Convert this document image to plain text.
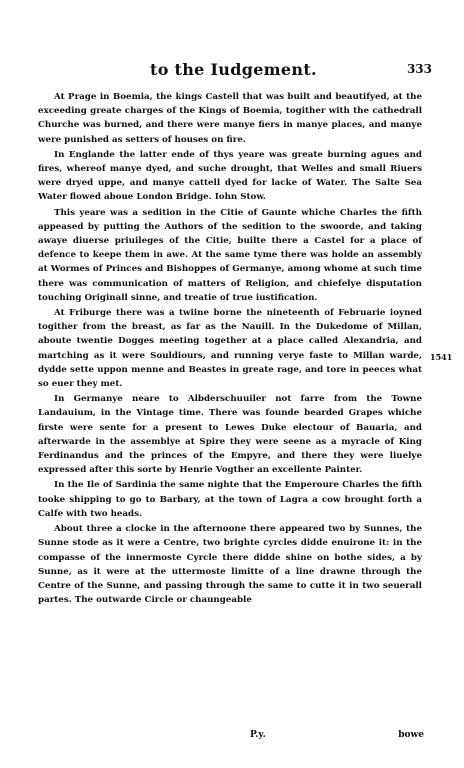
to the Iudgement.	333
1541

At Prage in Boemia, the kings Castell that was built and beautifyed, at the exceeding greate charges of the Kings of Boemia, togither with the cathedrall Churche was burned, and there were manye fiers in manye places, and manye were punished as setters of houses on fire.

In Englande the latter ende of thys yeare was greate burning agues and fires, whereof manye dyed, and suche drought, that Welles and small Riuers were dryed uppe, and manye cattell dyed for lacke of Water. The Salte Sea Water flowed aboue London Bridge. Iohn Stow.

This yeare was a sedition in the Citie of Gaunte whiche Charles the fifth appeased by putting the Authors of the sedition to the swoorde, and taking awaye diuerse priuileges of the Citie, builte there a Castel for a place of defence to keepe them in awe. At the same tyme there was holde an assembly at Wormes of Princes and Bishoppes of Germanye, among whome at such time there was communication of matters of Religion, and chiefelye disputation touching Originall sinne, and treatie of true iustification.

At Friburge there was a twiine borne the nineteenth of Februarie ioyned togither from the breast, as far as the Nauill. In the Dukedome of Millan, aboute twentie Dogges meeting together at a place called Alexandria, and martching as it were Souldiours, and running verye faste to Millan warde, dydde sette uppon menne and Beastes in greate rage, and tore in peeces what so euer they met.

In Germanye neare to Albderschuuiler not farre from the Towne Landauium, in the Vintage time. There was founde bearded Grapes whiche firste were sente for a present to Lewes Duke electour of Bauaria, and afterwarde in the assemblye at Spire they were seene as a myracle of King Ferdinandus and the princes of the Empyre, and there they were liuelye expressed after this sorte by Henrie Vogther an excellente Painter.

In the Ile of Sardinia the same nighte that the Emperoure Charles the fifth tooke shipping to go to Barbary, at the town of Lagra a cow brought forth a Calfe with two heads.

About three a clocke in the afternoone there appeared two by Sunnes, the Sunne stode as it were a Centre, two brighte cyrcles didde enuirone it: in the compasse of the innermoste Cyrcle there didde shine on bothe sides, a by Sunne, as it were at the uttermoste limitte of a line drawne through the Centre of the Sunne, and passing through the same to cutte it in two seuerall partes. The outwarde Circle or chaungeable

P.y.	bowe
